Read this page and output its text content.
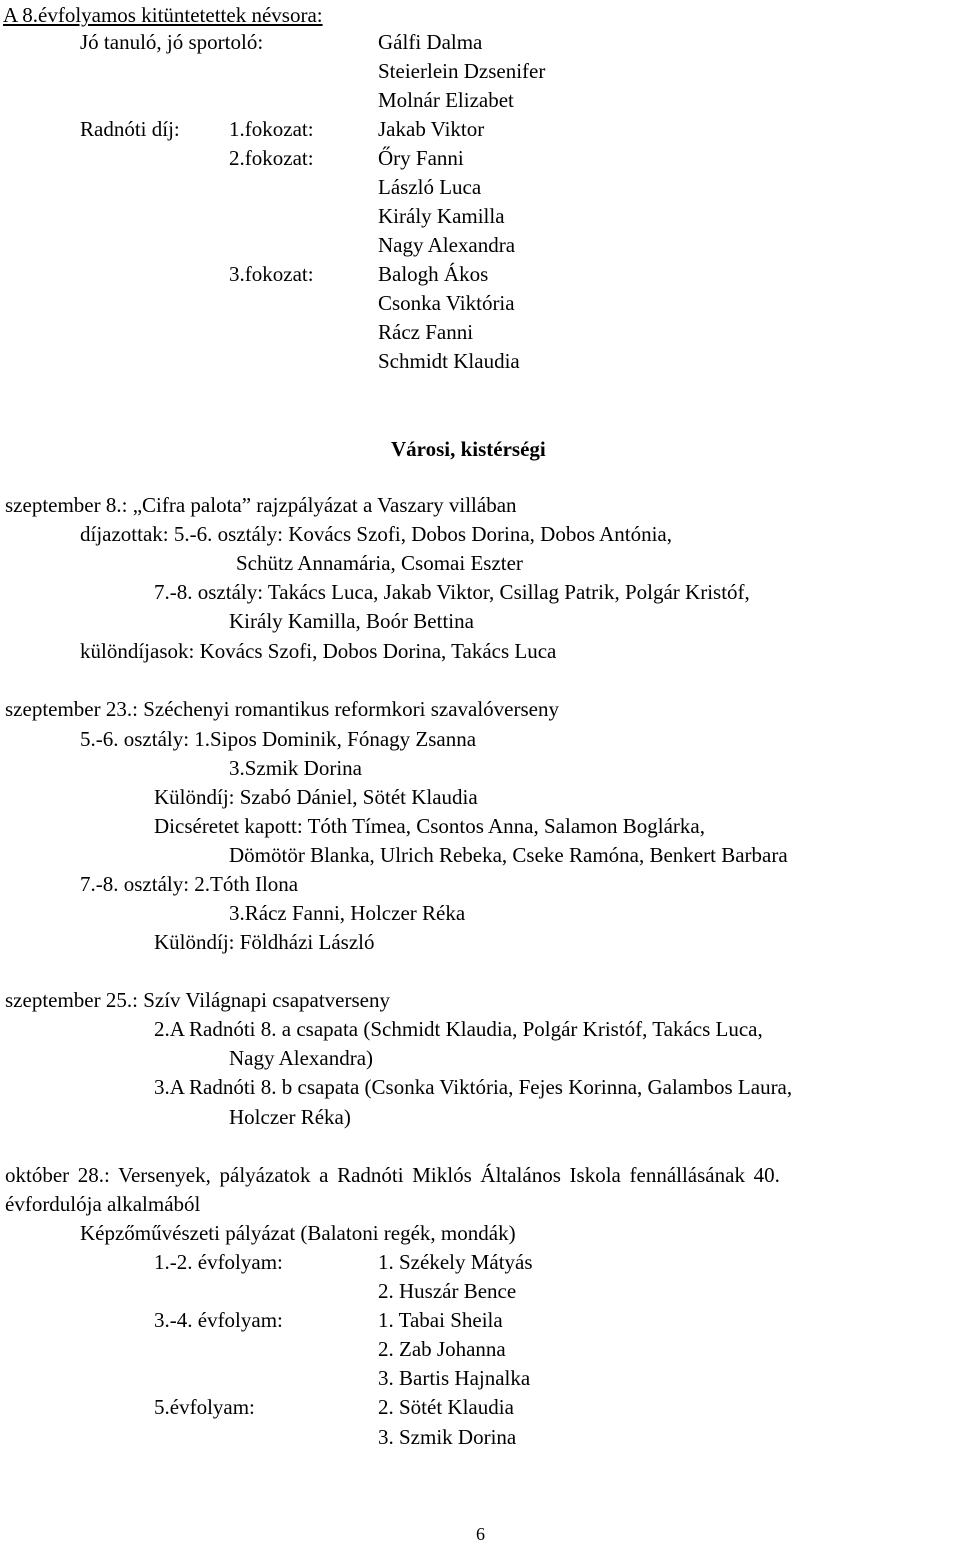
A 8.évfolyamos kitüntetettek névsora:
Jó tanuló, jó sportoló:	Gálfi Dalma
Steierlein Dzsenifer
Molnár Elizabet
Radnóti díj: 1.fokozat:	Jakab Viktor
2.fokozat:	Őry Fanni
László Luca
Király Kamilla
Nagy Alexandra
3.fokozat:	Balogh Ákos
Csonka Viktória
Rácz Fanni
Schmidt Klaudia
Városi, kistérségi
szeptember 8.: „Cifra palota” rajzpályázat a Vaszary villában
díjazottak: 5.-6. osztály: Kovács Szofi, Dobos Dorina, Dobos Antónia,
Schütz Annamária, Csomai Eszter
7.-8. osztály: Takács Luca, Jakab Viktor, Csillag Patrik, Polgár Kristóf,
Király Kamilla, Boór Bettina
különdíjasok: Kovács Szofi, Dobos Dorina, Takács Luca
szeptember 23.: Széchenyi romantikus reformkori szavalóverseny
5.-6. osztály: 1.Sipos Dominik, Fónagy Zsanna
3.Szmik Dorina
Különdíj: Szabó Dániel, Sötét Klaudia
Dicséretet kapott: Tóth Tímea, Csontos Anna, Salamon Boglárka,
Dömötör Blanka, Ulrich Rebeka, Cseke Ramóna, Benkert Barbara
7.-8. osztály: 2.Tóth Ilona
3.Rácz Fanni, Holczer Réka
Különdíj: Földházi László
szeptember 25.: Szív Világnapi csapatverseny
2.A Radnóti 8. a csapata (Schmidt Klaudia, Polgár Kristóf, Takács Luca,
Nagy Alexandra)
3.A Radnóti 8. b csapata (Csonka Viktória, Fejes Korinna, Galambos Laura,
Holczer Réka)
október 28.: Versenyek, pályázatok a Radnóti Miklós Általános Iskola fennállásának 40.
évfordulója alkalmából
Képzőművészeti pályázat (Balatoni regék, mondák)
1.-2. évfolyam:	1. Székely Mátyás
2. Huszár Bence
3.-4. évfolyam:	1. Tabai Sheila
2. Zab Johanna
3. Bartis Hajnalka
5.évfolyam:	2. Sötét Klaudia
3. Szmik Dorina
6
